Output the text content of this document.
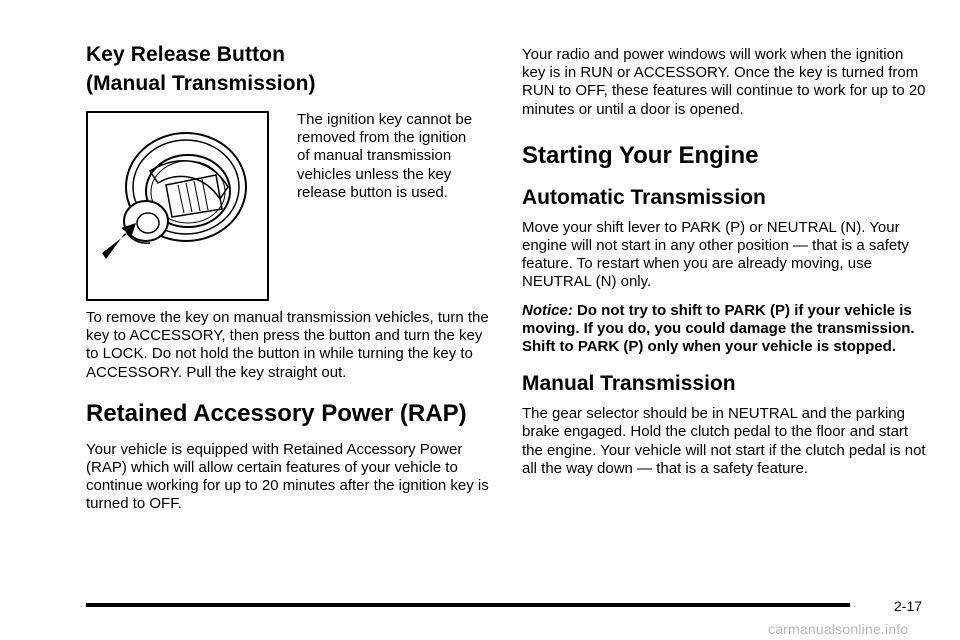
Key Release Button
(Manual Transmission)

The ignition key cannot be removed from the ignition of manual transmission vehicles unless the key release button is used.

To remove the key on manual transmission vehicles, turn the key to ACCESSORY, then press the button and turn the key to LOCK. Do not hold the button in while turning the key to ACCESSORY. Pull the key straight out.

Retained Accessory Power (RAP)

Your vehicle is equipped with Retained Accessory Power (RAP) which will allow certain features of your vehicle to continue working for up to 20 minutes after the ignition key is turned to OFF.

Your radio and power windows will work when the ignition key is in RUN or ACCESSORY. Once the key is turned from RUN to OFF, these features will continue to work for up to 20 minutes or until a door is opened.

Starting Your Engine
Automatic Transmission

Move your shift lever to PARK (P) or NEUTRAL (N). Your engine will not start in any other position — that is a safety feature. To restart when you are already moving, use NEUTRAL (N) only.

Notice: Do not try to shift to PARK (P) if your vehicle is moving. If you do, you could damage the transmission. Shift to PARK (P) only when your vehicle is stopped.

Manual Transmission

The gear selector should be in NEUTRAL and the parking brake engaged. Hold the clutch pedal to the floor and start the engine. Your vehicle will not start if the clutch pedal is not all the way down — that is a safety feature.

2-17
carmanualsonline.info
